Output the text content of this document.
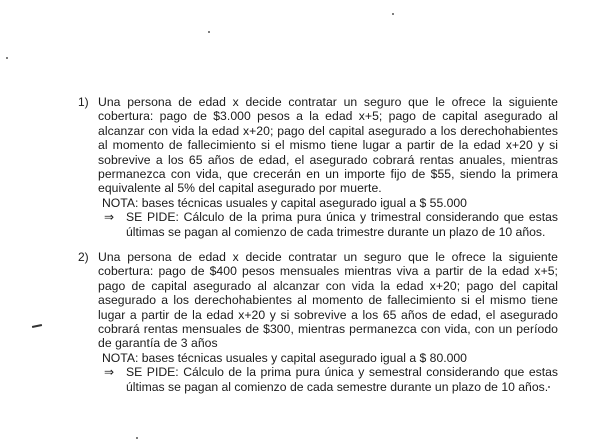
1) Una persona de edad x decide contratar un seguro que le ofrece la siguiente cobertura: pago de $3.000 pesos a la edad x+5; pago de capital asegurado al alcanzar con vida la edad x+20; pago del capital asegurado a los derechohabientes al momento de fallecimiento si el mismo tiene lugar a partir de la edad x+20 y si sobrevive a los 65 años de edad, el asegurado cobrará rentas anuales, mientras permanezca con vida, que crecerán en un importe fijo de $55, siendo la primera equivalente al 5% del capital asegurado por muerte.
NOTA: bases técnicas usuales y capital asegurado igual a $ 55.000
⇒ SE PIDE: Cálculo de la prima pura única y trimestral considerando que estas últimas se pagan al comienzo de cada trimestre durante un plazo de 10 años.
2) Una persona de edad x decide contratar un seguro que le ofrece la siguiente cobertura: pago de $400 pesos mensuales mientras viva a partir de la edad x+5; pago de capital asegurado al alcanzar con vida la edad x+20; pago del capital asegurado a los derechohabientes al momento de fallecimiento si el mismo tiene lugar a partir de la edad x+20 y si sobrevive a los 65 años de edad, el asegurado cobrará rentas mensuales de $300, mientras permanezca con vida, con un período de garantía de 3 años
NOTA: bases técnicas usuales y capital asegurado igual a $ 80.000
⇒ SE PIDE: Cálculo de la prima pura única y semestral considerando que estas últimas se pagan al comienzo de cada semestre durante un plazo de 10 años.
